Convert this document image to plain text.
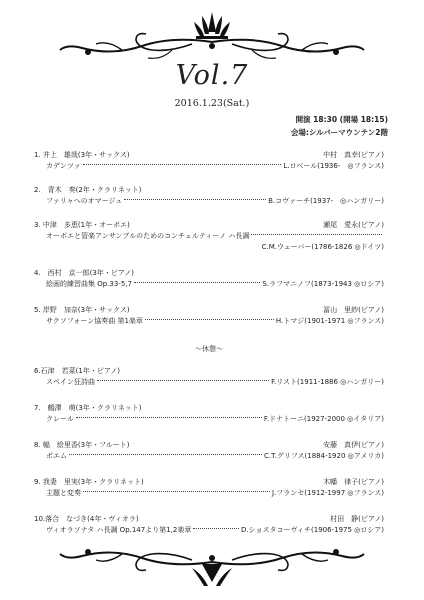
Vol.7
2016.1.23(Sat.)
開演 18:30 (開場 18:15)
会場:シルバーマウンテン2階
1. 井上　雄哉(3年・サックス)	中村　真幸(ピアノ)
カデンツァ	L.ロベール(1936-　◎フランス)
2.　青木　奏(2年・クラリネット)
ファリャへのオマージュ	B.コヴァーチ(1937-　◎ハンガリー)
3. 中津　多恵(1年・オーボエ)	瀬尾　愛永(ピアノ)
オーボエと管楽アンサンブルのためのコンチェルティーノ ハ長調
C.M.ウェーバー(1786-1826 ◎ドイツ)
4.　西村　京一郎(3年・ピアノ)
絵画的練習曲集 Op.33-5,7	S.ラフマニノフ(1873-1943 ◎ロシア)
5. 岸野　加奈(3年・サックス)	冨山　里紗(ピアノ)
サクソフォーン協奏曲 第1楽章	H.トマジ(1901-1971 ◎フランス)
〜休憩〜
6.石津　若菜(1年・ピアノ)
スペイン狂詩曲	F.リスト(1911-1886 ◎ハンガリー)
7.　鶴澤　萌(3年・クラリネット)
クレール	F.ドナトーニ(1927-2000 ◎イタリア)
8. 幅　絵里香(3年・フルート)	安藤　真伊(ピアノ)
ポエム	C.T.グリフス(1884-1920 ◎アメリカ)
9. 我妻　里実(3年・クラリネット)	木幡　律子(ピアノ)
主題と変奏	J.フランセ(1912-1997 ◎フランス)
10.落合　なづき(4年・ヴィオラ)	村田　静(ピアノ)
ヴィオラソナタ ハ長調 Op.147より第1,2楽章	D.ショスタコーヴィチ(1906-1975 ◎ロシア)
